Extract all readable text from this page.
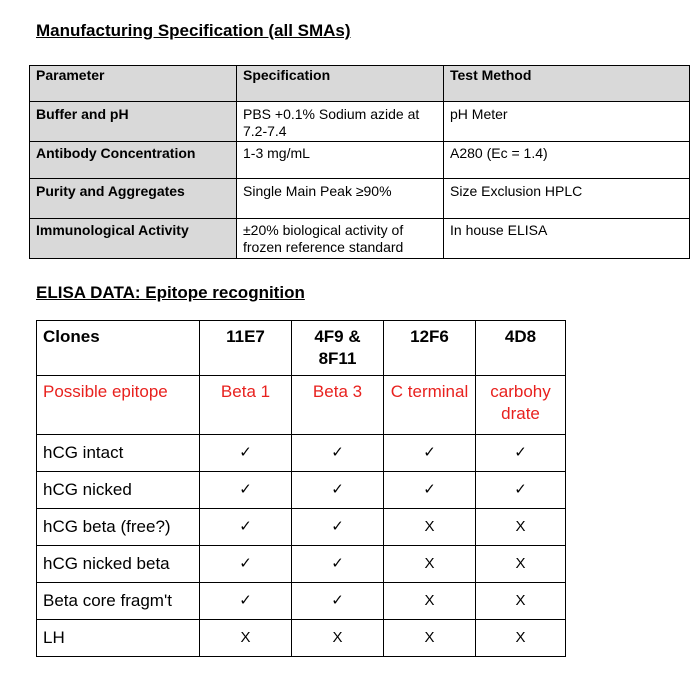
Manufacturing Specification (all SMAs)
Parameter	Specification	Test Method
Buffer and pH	PBS +0.1% Sodium azide at 7.2-7.4	pH Meter
Antibody Concentration	1-3 mg/mL	A280 (Ec = 1.4)
Purity and Aggregates	Single Main Peak ≥90%	Size Exclusion HPLC
Immunological Activity	±20% biological activity of frozen reference standard	In house ELISA
ELISA DATA: Epitope recognition
Clones	11E7	4F9 & 8F11	12F6	4D8
Possible epitope	Beta 1	Beta 3	C terminal	carbohy drate
hCG intact	✓	✓	✓	✓
hCG nicked	✓	✓	✓	✓
hCG beta (free?)	✓	✓	X	X
hCG nicked beta	✓	✓	X	X
Beta core fragm't	✓	✓	X	X
LH	X	X	X	X
